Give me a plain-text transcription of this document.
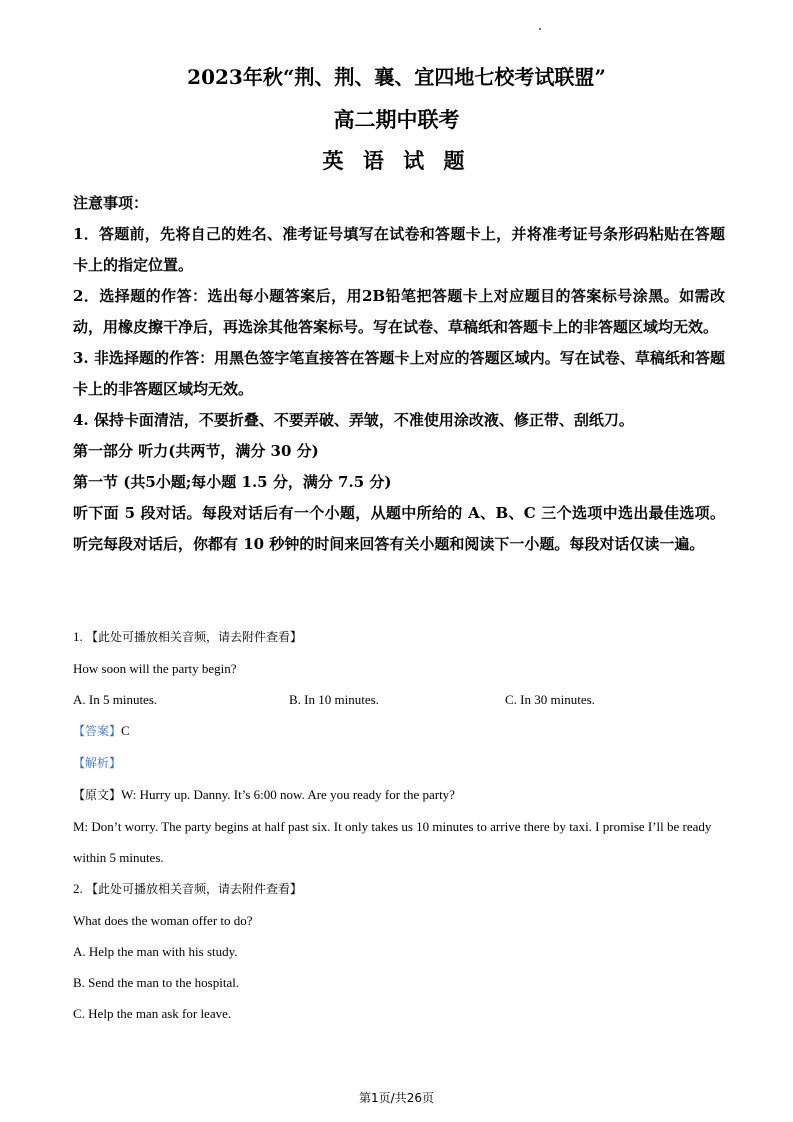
2023年秋“荆、荆、襄、宜四地七校考试联盟”
高二期中联考
英 语 试 题

注意事项：

1．答题前，先将自己的姓名、准考证号填写在试卷和答题卡上，并将准考证号条形码粘贴在答题卡上的指定位置。

2．选择题的作答：选出每小题答案后，用2B铅笔把答题卡上对应题目的答案标号涂黑。如需改动，用橡皮擦干净后，再选涂其他答案标号。写在试卷、草稿纸和答题卡上的非答题区域均无效。

3. 非选择题的作答：用黑色签字笔直接答在答题卡上对应的答题区域内。写在试卷、草稿纸和答题卡上的非答题区域均无效。

4. 保持卡面清洁，不要折叠、不要弄破、弄皱，不准使用涂改液、修正带、刮纸刀。

第一部分 听力(共两节，满分 30 分)

第一节 (共5小题;每小题 1.5 分，满分 7.5 分)

听下面 5 段对话。每段对话后有一个小题，从题中所给的 A、B、C 三个选项中选出最佳选项。听完每段对话后，你都有 10 秒钟的时间来回答有关小题和阅读下一小题。每段对话仅读一遍。

1. 【此处可播放相关音频，请去附件查看】

How soon will the party begin?

A. In 5 minutes.	B. In 10 minutes.	C. In 30 minutes.

【答案】C

【解析】

【原文】W: Hurry up. Danny. It’s 6:00 now. Are you ready for the party?

M: Don’t worry. The party begins at half past six. It only takes us 10 minutes to arrive there by taxi. I promise I’ll be ready within 5 minutes.

2. 【此处可播放相关音频，请去附件查看】

What does the woman offer to do?

A. Help the man with his study.

B. Send the man to the hospital.

C. Help the man ask for leave.

第1页/共26页
